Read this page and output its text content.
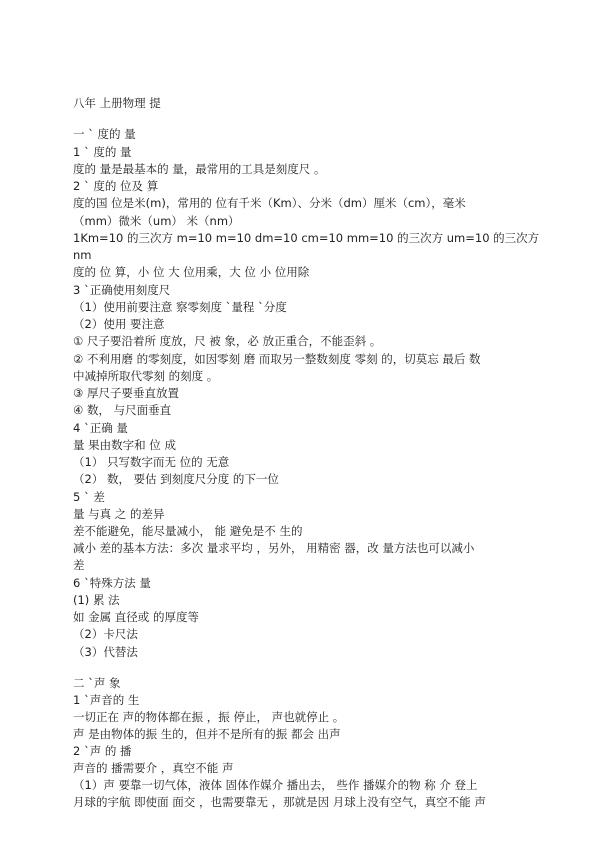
八年 上册物理 提
一 ` 度的 量
1 ` 度的 量
度的 量是最基本的 量，最常用的工具是刻度尺 。
2 ` 度的 位及 算
度的国 位是米(m)，常用的 位有千米（Km）、分米（dm）厘米（cm），毫米
（mm）微米（um） 米（nm）
1Km=10 的三次方 m=10 m=10 dm=10 cm=10 mm=10 的三次方 um=10 的三次方
nm
度的 位 算，小 位 大 位用乘，大 位 小 位用除
3 `正确使用刻度尺
（1）使用前要注意 察零刻度 `量程 `分度
（2）使用 要注意
① 尺子要沿着所 度放，尺 被 象，必 放正重合，不能歪斜 。
② 不利用磨 的零刻度，如因零刻 磨 而取另一整数刻度 零刻 的，切莫忘 最后 数
中减掉所取代零刻 的刻度 。
③ 厚尺子要垂直放置
④ 数， 与尺面垂直
4 `正确 量
量 果由数字和 位 成
（1） 只写数字而无 位的 无意
（2） 数， 要估 到刻度尺分度 的下一位
5 ` 差
量 与真 之 的差异
差不能避免，能尽量减小， 能 避免是不 生的
减小 差的基本方法：多次 量求平均 ，另外， 用精密 器，改 量方法也可以减小
差
6 `特殊方法 量
(1) 累 法
如 金属 直径或 的厚度等
（2）卡尺法
（3）代替法
二 `声 象
1 `声音的 生
一切正在 声的物体都在振 ，振 停止， 声也就停止 。
声 是由物体的振 生的，但并不是所有的振 都会 出声
2 `声 的 播
声音的 播需要介 ，真空不能 声
（1）声 要靠一切气体，液体 固体作媒介 播出去， 些作 播媒介的物 称 介 登上
月球的宇航 即使面 面交 ，也需要靠无 ，那就是因 月球上没有空气，真空不能 声
